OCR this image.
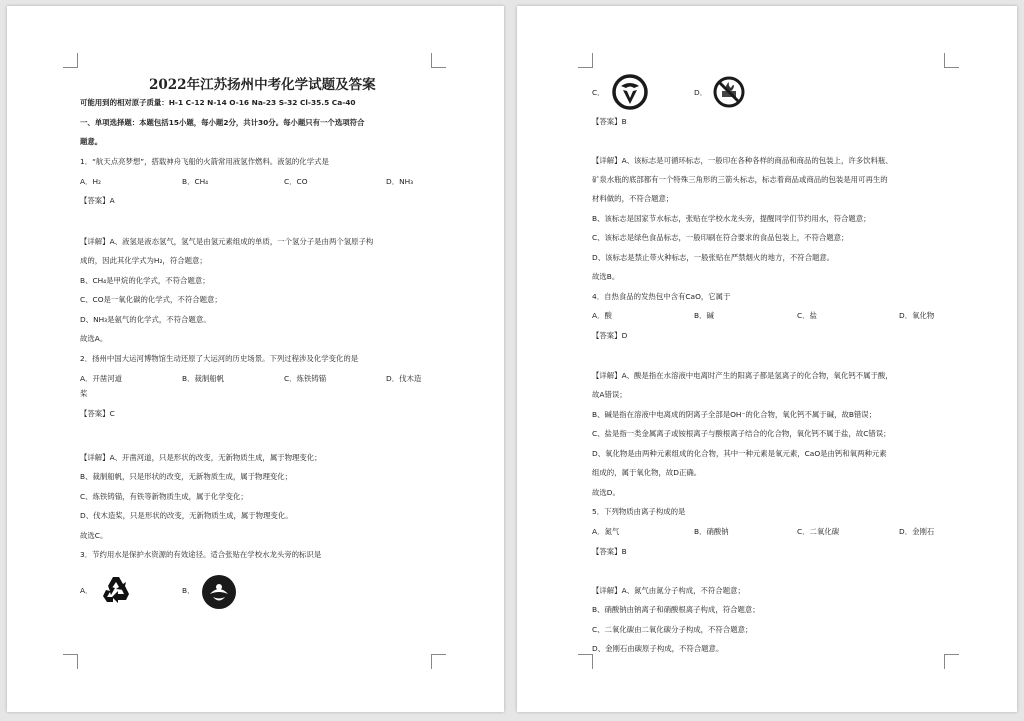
2022年江苏扬州中考化学试题及答案
可能用到的相对原子质量：H-1 C-12 N-14 O-16 Na-23 S-32 Cl-35.5 Ca-40
一、单项选择题：本题包括15小题，每小题2分，共计30分。每小题只有一个选项符合
题意。
1．“航天点亮梦想”，搭载神舟飞船的火箭常用液氢作燃料。液氢的化学式是
A．H₂	B．CH₄	C．CO	D．NH₃
【答案】A
【详解】A、液氢是液态氢气，氢气是由氢元素组成的单质，一个氢分子是由两个氢原子构
成的，因此其化学式为H₂，符合题意；
B、CH₄是甲烷的化学式，不符合题意；
C、CO是一氧化碳的化学式，不符合题意；
D、NH₃是氨气的化学式，不符合题意。
故选A。
2．扬州中国大运河博物馆生动还原了大运河的历史场景。下列过程涉及化学变化的是
A．开凿河道	B．裁制船帆	C．炼铁铸锚	D．伐木造
桨
【答案】C
【详解】A、开凿河道，只是形状的改变，无新物质生成，属于物理变化；
B、裁制船帆，只是形状的改变，无新物质生成，属于物理变化；
C、炼铁铸锚，有铁等新物质生成，属于化学变化；
D、伐木造桨，只是形状的改变，无新物质生成，属于物理变化。
故选C。
3．节约用水是保护水资源的有效途径。适合张贴在学校水龙头旁的标识是
A．	B．
C．	D．
【答案】B
【详解】A、该标志是可循环标志，一般印在各种各样的商品和商品的包装上，许多饮料瓶、
矿泉水瓶的底部都有一个特殊三角形的三箭头标志，标志着商品或商品的包装是用可再生的
材料做的，不符合题意；
B、该标志是国家节水标志，张贴在学校水龙头旁，提醒同学们节约用水，符合题意；
C、该标志是绿色食品标志，一般印刷在符合要求的食品包装上，不符合题意；
D、该标志是禁止带火种标志，一般张贴在严禁烟火的地方，不符合题意。
故选B。
4．自热食品的发热包中含有CaO，它属于
A．酸	B．碱	C．盐	D．氧化物
【答案】D
【详解】A、酸是指在水溶液中电离时产生的阳离子都是氢离子的化合物，氧化钙不属于酸，
故A错误；
B、碱是指在溶液中电离成的阴离子全部是OH⁻的化合物，氧化钙不属于碱，故B错误；
C、盐是指一类金属离子或铵根离子与酸根离子结合的化合物，氧化钙不属于盐，故C错误；
D、氧化物是由两种元素组成的化合物，其中一种元素是氧元素，CaO是由钙和氧两种元素
组成的，属于氧化物，故D正确。
故选D。
5．下列物质由离子构成的是
A．氮气	B．硝酸钠	C．二氧化碳	D．金刚石
【答案】B
【详解】A、氮气由氮分子构成，不符合题意；
B、硝酸钠由钠离子和硝酸根离子构成，符合题意；
C、二氧化碳由二氧化碳分子构成，不符合题意；
D、金刚石由碳原子构成，不符合题意。
